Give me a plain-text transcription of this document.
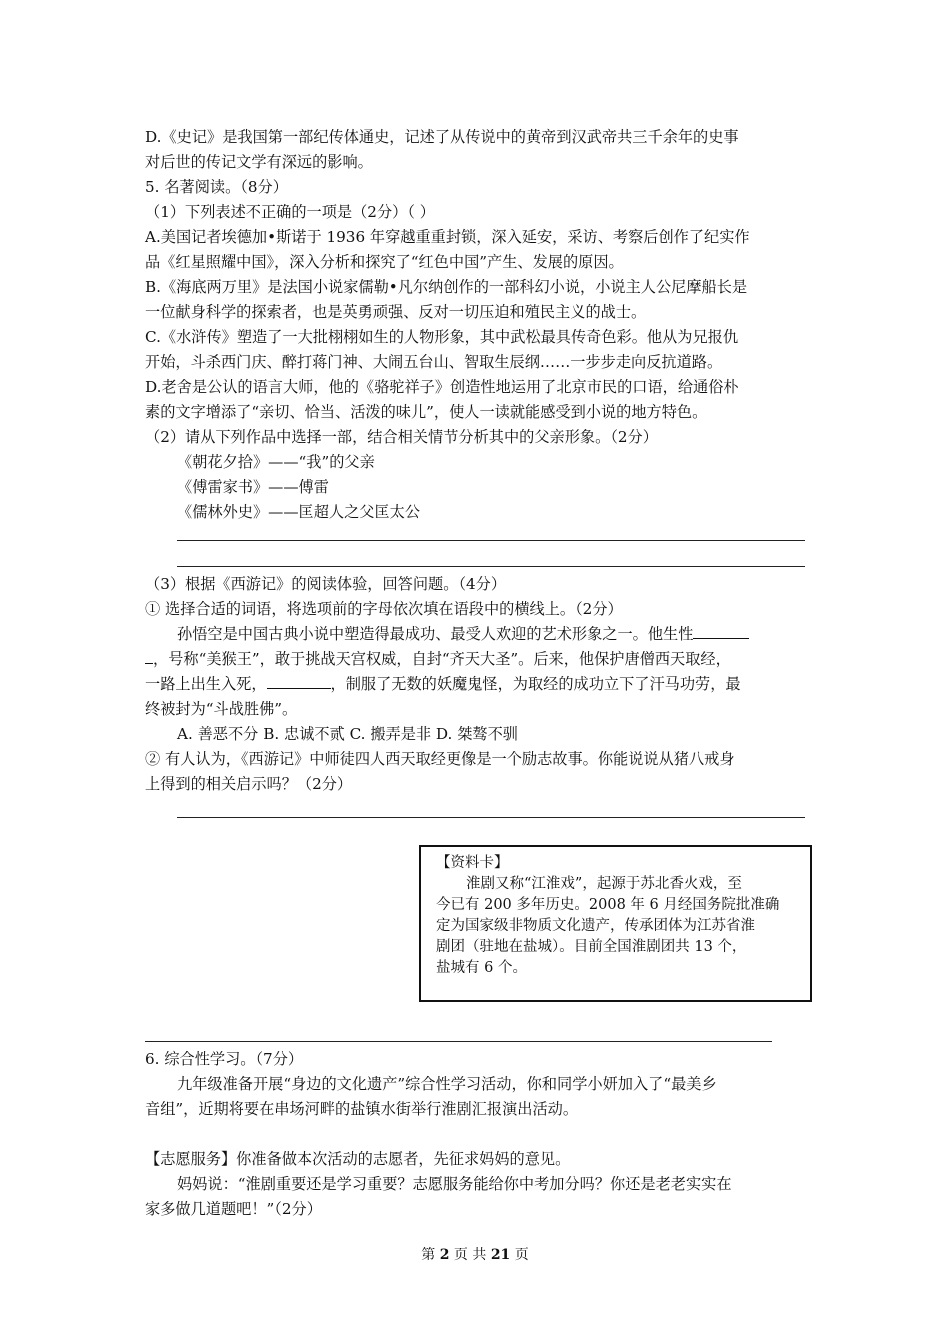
D.《史记》是我国第一部纪传体通史，记述了从传说中的黄帝到汉武帝共三千余年的史事
对后世的传记文学有深远的影响。
5. 名著阅读。（8分）
（1）下列表述不正确的一项是（2分）（ ）
A.美国记者埃德加•斯诺于 1936 年穿越重重封锁，深入延安，采访、考察后创作了纪实作
品《红星照耀中国》，深入分析和探究了“红色中国”产生、发展的原因。
B.《海底两万里》是法国小说家儒勒•凡尔纳创作的一部科幻小说，小说主人公尼摩船长是
一位献身科学的探索者，也是英勇顽强、反对一切压迫和殖民主义的战士。
C.《水浒传》塑造了一大批栩栩如生的人物形象，其中武松最具传奇色彩。他从为兄报仇
开始，斗杀西门庆、醉打蒋门神、大闹五台山、智取生辰纲……一步步走向反抗道路。
D.老舍是公认的语言大师，他的《骆驼祥子》创造性地运用了北京市民的口语，给通俗朴
素的文字增添了“亲切、恰当、活泼的味儿”，使人一读就能感受到小说的地方特色。
（2）请从下列作品中选择一部，结合相关情节分析其中的父亲形象。（2分）
《朝花夕拾》——“我”的父亲
《傅雷家书》——傅雷
《儒林外史》——匡超人之父匡太公
（3）根据《西游记》的阅读体验，回答问题。（4分）
① 选择合适的词语，将选项前的字母依次填在语段中的横线上。（2分）
孙悟空是中国古典小说中塑造得最成功、最受人欢迎的艺术形象之一。他生性
，号称“美猴王”，敢于挑战天宫权威，自封“齐天大圣”。后来，他保护唐僧西天取经，
一路上出生入死，	，制服了无数的妖魔鬼怪，为取经的成功立下了汗马功劳，最
终被封为“斗战胜佛”。
A. 善恶不分 B. 忠诚不贰 C. 搬弄是非 D. 桀骜不驯
② 有人认为，《西游记》中师徒四人西天取经更像是一个励志故事。你能说说从猪八戒身
上得到的相关启示吗？（2分）
【资料卡】
淮剧又称“江淮戏”，起源于苏北香火戏，至
今已有 200 多年历史。2008 年 6 月经国务院批准确
定为国家级非物质文化遗产，传承团体为江苏省淮
剧团（驻地在盐城）。目前全国淮剧团共 13 个，
盐城有 6 个。
6. 综合性学习。（7分）
九年级准备开展“身边的文化遗产”综合性学习活动，你和同学小妍加入了“最美乡
音组”，近期将要在串场河畔的盐镇水街举行淮剧汇报演出活动。
【志愿服务】你准备做本次活动的志愿者，先征求妈妈的意见。
妈妈说：“淮剧重要还是学习重要？志愿服务能给你中考加分吗？你还是老老实实在
家多做几道题吧！”（2分）
第 2 页 共 21 页
